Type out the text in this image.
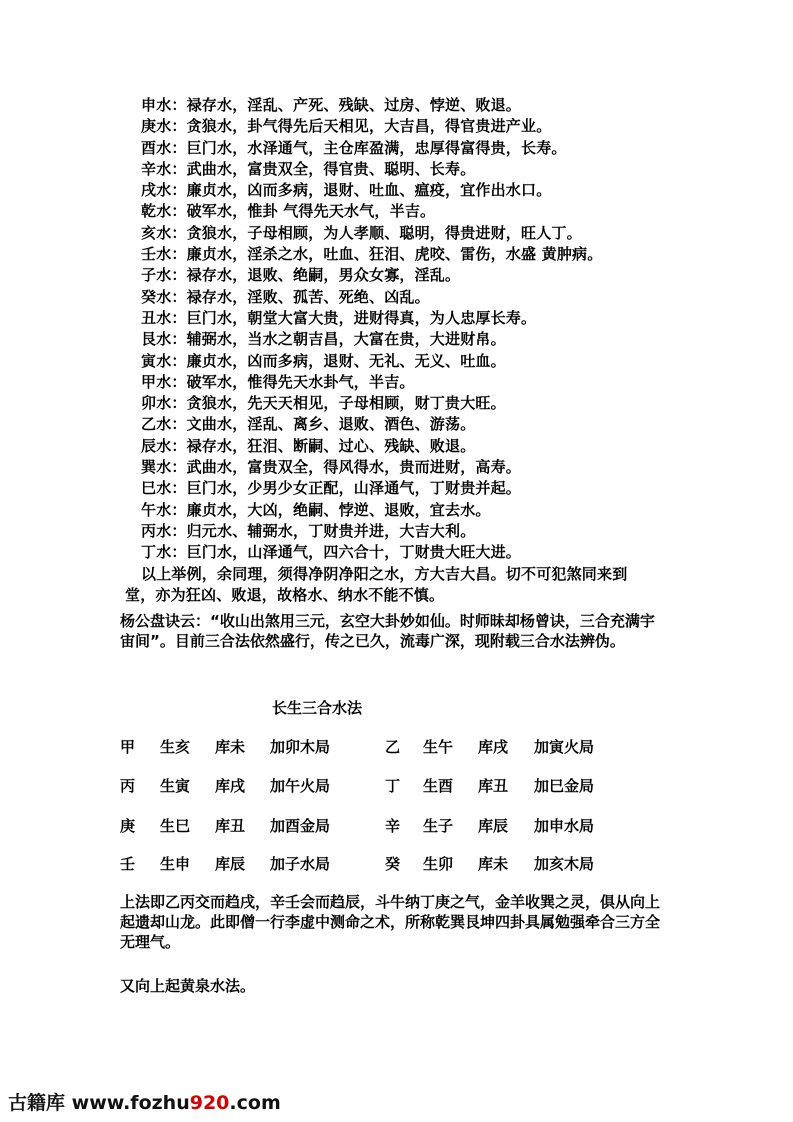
申水：禄存水，淫乱、产死、残缺、过房、悖逆、败退。
庚水：贪狼水，卦气得先后天相见，大吉昌，得官贵进产业。
酉水：巨门水，水泽通气，主仓库盈满，忠厚得富得贵，长寿。
辛水：武曲水，富贵双全，得官贵、聪明、长寿。
戌水：廉贞水，凶而多病，退财、吐血、瘟疫，宜作出水口。
乾水：破军水，惟卦 气得先天水气，半吉。
亥水：贪狼水，子母相顾，为人孝顺、聪明，得贵进财，旺人丁。
壬水：廉贞水，淫杀之水，吐血、狂泪、虎咬、雷伤，水盛 黄肿病。
子水：禄存水，退败、绝嗣，男众女寡，淫乱。
癸水：禄存水，淫败、孤苦、死绝、凶乱。
丑水：巨门水，朝堂大富大贵，进财得真，为人忠厚长寿。
艮水：辅弼水，当水之朝吉昌，大富在贵，大进财帛。
寅水：廉贞水，凶而多病，退财、无礼、无义、吐血。
甲水：破军水，惟得先天水卦气，半吉。
卯水：贪狼水，先天天相见，子母相顾，财丁贵大旺。
乙水：文曲水，淫乱、离乡、退败、酒色、游荡。
辰水：禄存水，狂泪、断嗣、过心、残缺、败退。
巽水：武曲水，富贵双全，得风得水，贵而进财，高寿。
巳水：巨门水，少男少女正配，山泽通气，丁财贵并起。
午水：廉贞水，大凶，绝嗣、悖逆、退败，宜去水。
丙水：归元水、辅弼水，丁财贵并进，大吉大利。
丁水：巨门水，山泽通气，四六合十，丁财贵大旺大进。
以上举例，余同理，须得净阴净阳之水，方大吉大昌。切不可犯煞同来到
堂，亦为狂凶、败退，故格水、纳水不能不慎。
杨公盘诀云：“收山出煞用三元，玄空大卦妙如仙。时师昧却杨曾诀，三合充满宇宙间”。目前三合法依然盛行，传之已久，流毒广深，现附载三合水法辨伪。
长生三合水法
甲 生亥 库未 加卯木局	乙 生午 库戌 加寅火局
丙 生寅 库戌 加午火局	丁 生酉 库丑 加巳金局
庚 生巳 库丑 加酉金局	辛 生子 库辰 加申水局
壬 生申 库辰 加子水局	癸 生卯 库未 加亥木局
上法即乙丙交而趋戌，辛壬会而趋辰，斗牛纳丁庚之气，金羊收巽之灵，俱从向上起遗却山龙。此即僧一行李虚中测命之术，所称乾巽艮坤四卦具属勉强牵合三方全无理气。
又向上起黄泉水法。
古籍库 www.fozhu920.com
